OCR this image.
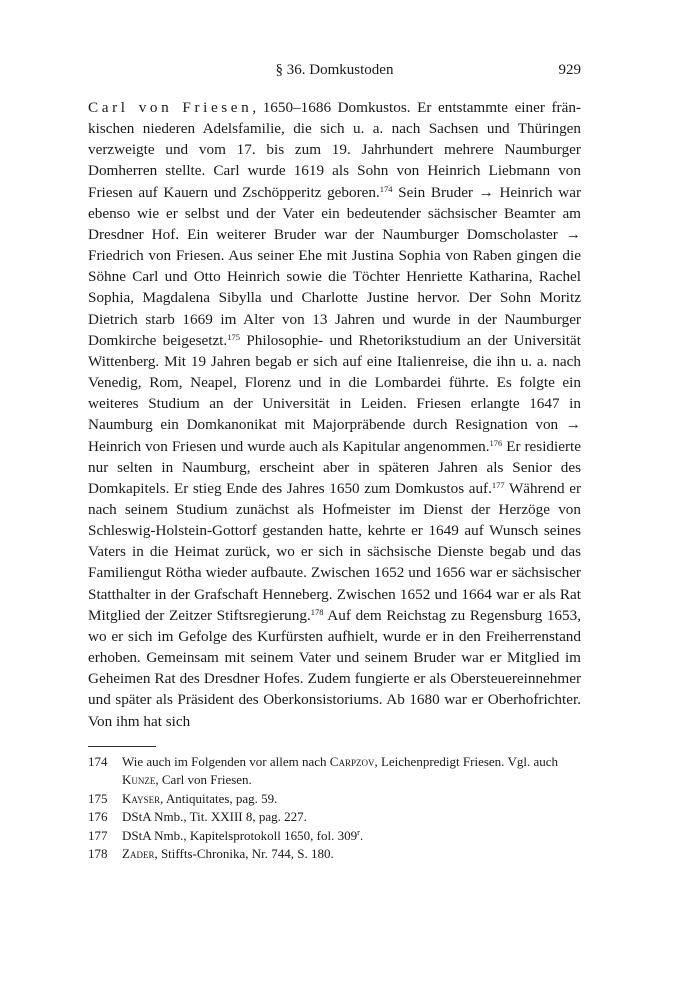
§ 36. Domkustoden	929

Carl von Friesen, 1650–1686 Domkustos. Er entstammte einer fränkischen niederen Adelsfamilie, die sich u. a. nach Sachsen und Thüringen verzweigte und vom 17. bis zum 19. Jahrhundert mehrere Naumburger Domherren stellte. Carl wurde 1619 als Sohn von Heinrich Liebmann von Friesen auf Kauern und Zschöpperitz geboren.$^{174}$ Sein Bruder → Heinrich war ebenso wie er selbst und der Vater ein bedeutender sächsischer Beamter am Dresdner Hof. Ein weiterer Bruder war der Naumburger Domscholaster → Friedrich von Friesen. Aus seiner Ehe mit Justina Sophia von Raben gingen die Söhne Carl und Otto Heinrich sowie die Töchter Henriette Katharina, Rachel Sophia, Magdalena Sibylla und Charlotte Justine hervor. Der Sohn Moritz Dietrich starb 1669 im Alter von 13 Jahren und wurde in der Naumburger Domkirche beigesetzt.$^{175}$ Philosophie- und Rhetorikstudium an der Universität Wittenberg. Mit 19 Jahren begab er sich auf eine Italienreise, die ihn u. a. nach Venedig, Rom, Neapel, Florenz und in die Lombardei führte. Es folgte ein weiteres Studium an der Universität in Leiden. Friesen erlangte 1647 in Naumburg ein Domkanonikat mit Majorpräbende durch Resignation von → Heinrich von Friesen und wurde auch als Kapitular angenommen.$^{176}$ Er residierte nur selten in Naumburg, erscheint aber in späteren Jahren als Senior des Domkapitels. Er stieg Ende des Jahres 1650 zum Domkustos auf.$^{177}$ Während er nach seinem Studium zunächst als Hofmeister im Dienst der Herzöge von Schleswig-Holstein-Gottorf gestanden hatte, kehrte er 1649 auf Wunsch seines Vaters in die Heimat zurück, wo er sich in sächsische Dienste begab und das Familiengut Rötha wieder aufbaute. Zwischen 1652 und 1656 war er sächsischer Statthalter in der Grafschaft Henneberg. Zwischen 1652 und 1664 war er als Rat Mitglied der Zeitzer Stiftsregierung.$^{178}$ Auf dem Reichstag zu Regensburg 1653, wo er sich im Gefolge des Kurfürsten aufhielt, wurde er in den Freiherrenstand erhoben. Gemeinsam mit seinem Vater und seinem Bruder war er Mitglied im Geheimen Rat des Dresdner Hofes. Zudem fungierte er als Obersteuereinnehmer und später als Präsident des Oberkonsistoriums. Ab 1680 war er Oberhofrichter. Von ihm hat sich

174 Wie auch im Folgenden vor allem nach Carpzov, Leichenpredigt Friesen. Vgl. auch Kunze, Carl von Friesen.
175 Kayser, Antiquitates, pag. 59.
176 DStA Nmb., Tit. XXIII 8, pag. 227.
177 DStA Nmb., Kapitelsprotokoll 1650, fol. 309$^r$.
178 Zader, Stiffts-Chronika, Nr. 744, S. 180.
